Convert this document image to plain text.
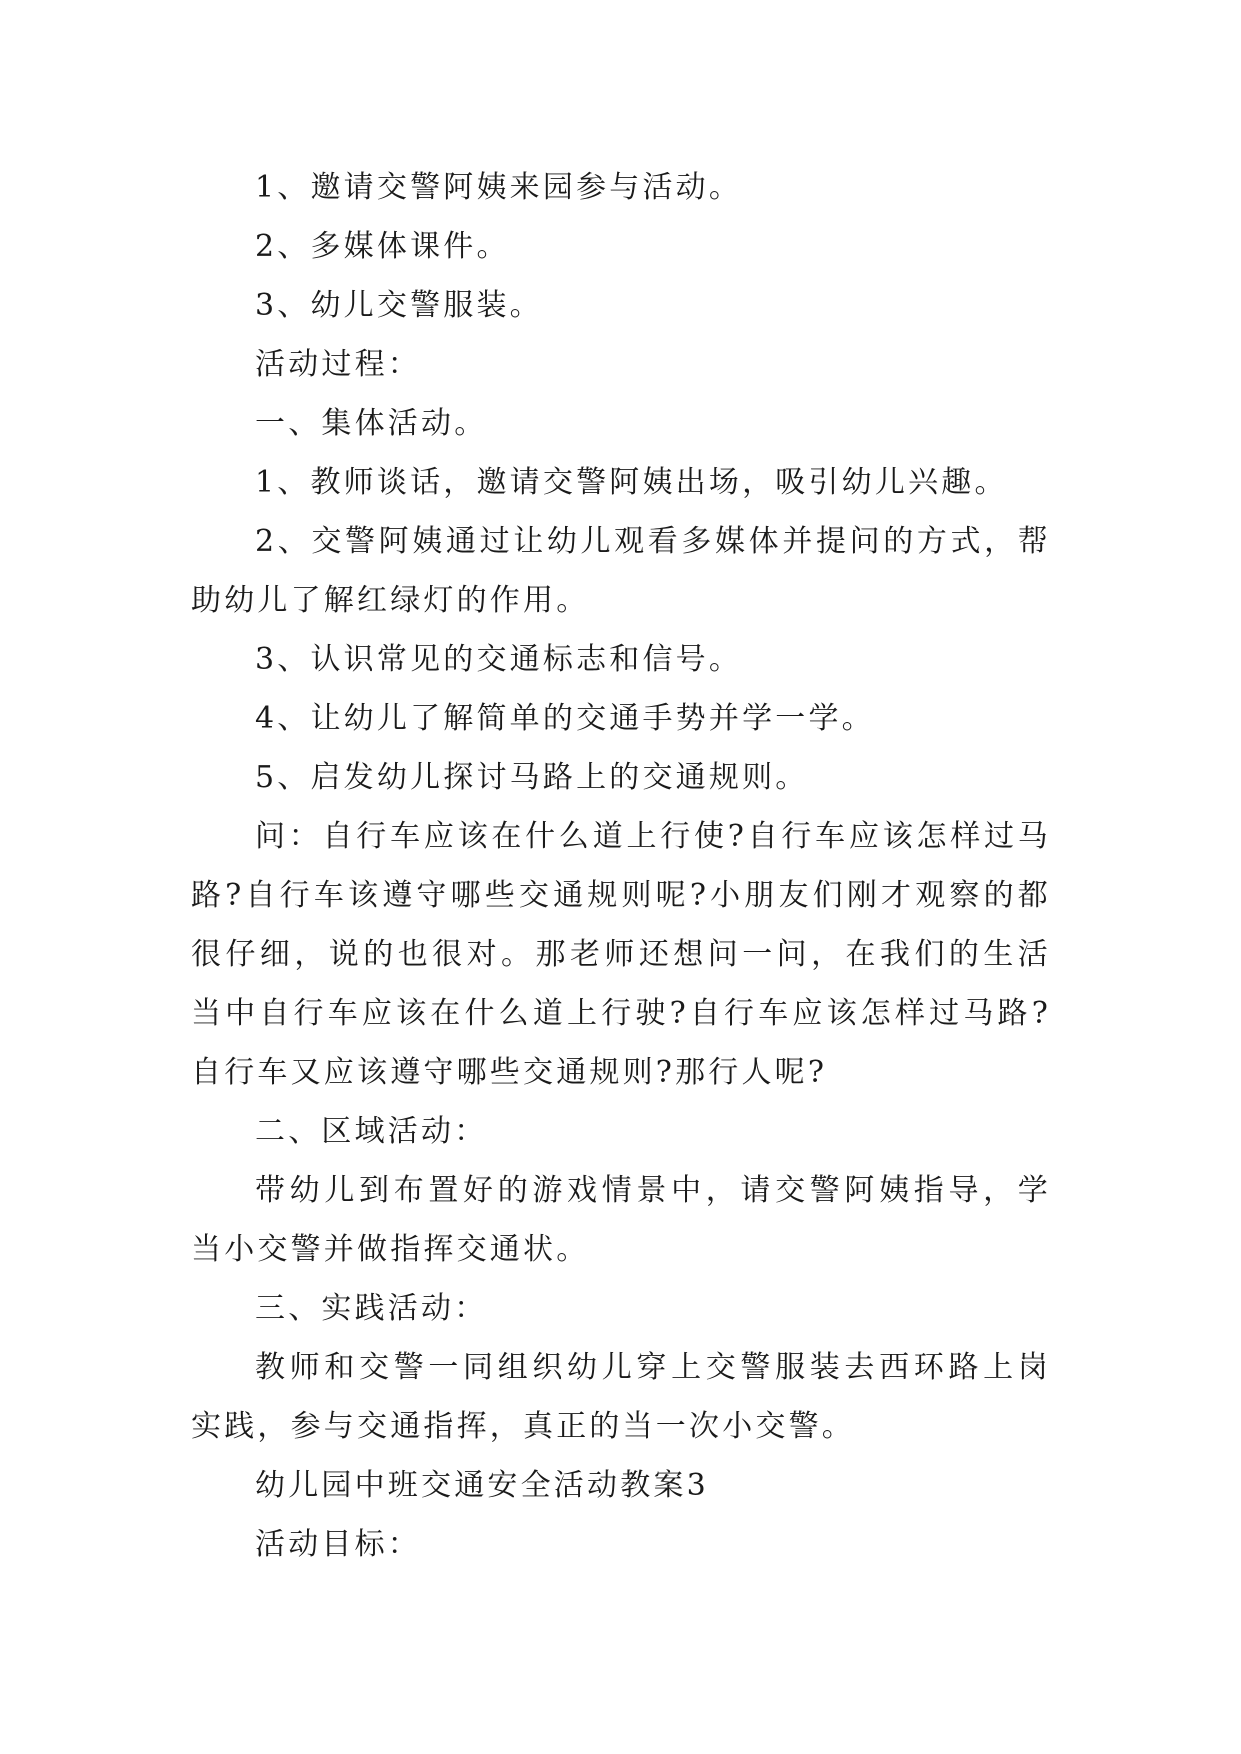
1、邀请交警阿姨来园参与活动。

2、多媒体课件。

3、幼儿交警服装。

活动过程：

一、集体活动。

1、教师谈话，邀请交警阿姨出场，吸引幼儿兴趣。

2、交警阿姨通过让幼儿观看多媒体并提问的方式，帮助幼儿了解红绿灯的作用。

3、认识常见的交通标志和信号。

4、让幼儿了解简单的交通手势并学一学。

5、启发幼儿探讨马路上的交通规则。

问：自行车应该在什么道上行使?自行车应该怎样过马路?自行车该遵守哪些交通规则呢?小朋友们刚才观察的都很仔细，说的也很对。那老师还想问一问，在我们的生活当中自行车应该在什么道上行驶?自行车应该怎样过马路?自行车又应该遵守哪些交通规则?那行人呢?

二、区域活动：

带幼儿到布置好的游戏情景中，请交警阿姨指导，学当小交警并做指挥交通状。

三、实践活动：

教师和交警一同组织幼儿穿上交警服装去西环路上岗实践，参与交通指挥，真正的当一次小交警。

幼儿园中班交通安全活动教案3

活动目标：
